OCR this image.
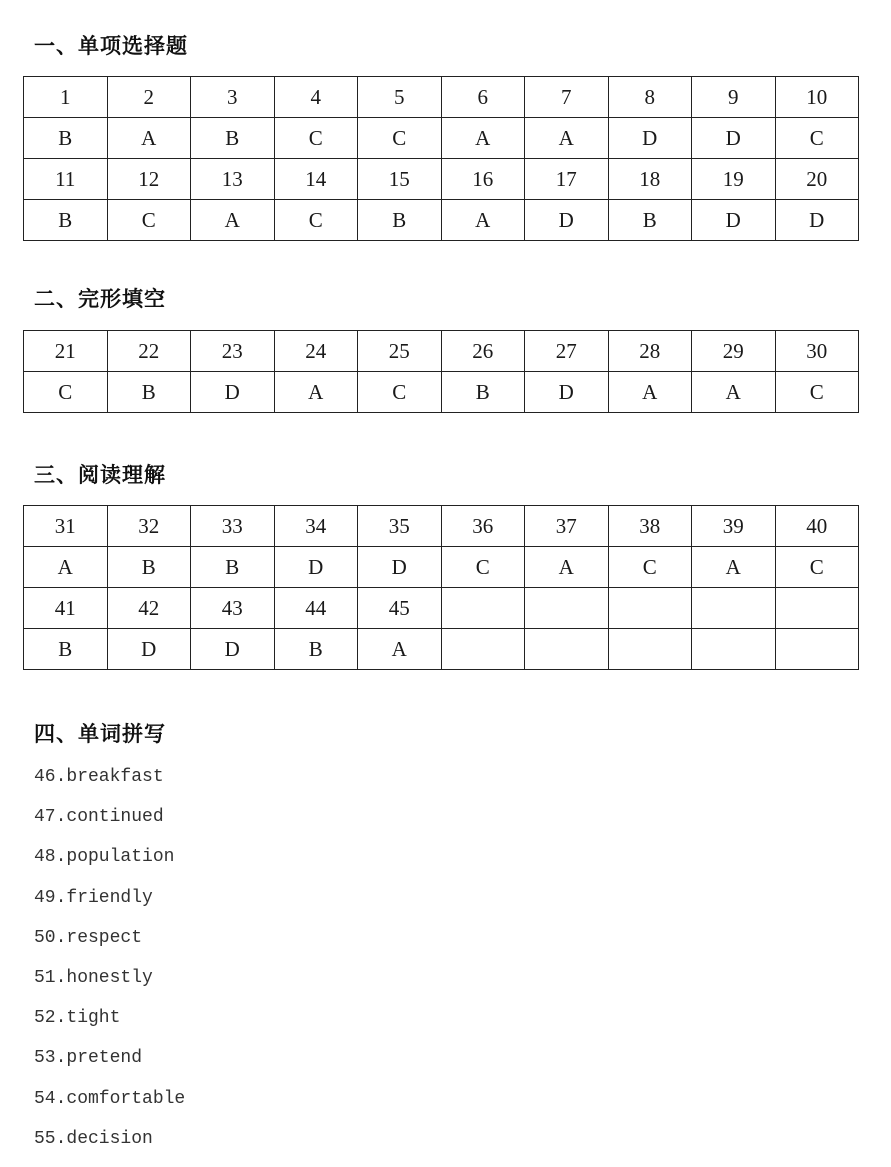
一、单项选择题
1	2	3	4	5	6	7	8	9	10
B	A	B	C	C	A	A	D	D	C
11	12	13	14	15	16	17	18	19	20
B	C	A	C	B	A	D	B	D	D
二、完形填空
21	22	23	24	25	26	27	28	29	30
C	B	D	A	C	B	D	A	A	C
三、阅读理解
31	32	33	34	35	36	37	38	39	40
A	B	B	D	D	C	A	C	A	C
41	42	43	44	45					
B	D	D	B	A					
四、单词拼写
46.breakfast
47.continued
48.population
49.friendly
50.respect
51.honestly
52.tight
53.pretend
54.comfortable
55.decision
